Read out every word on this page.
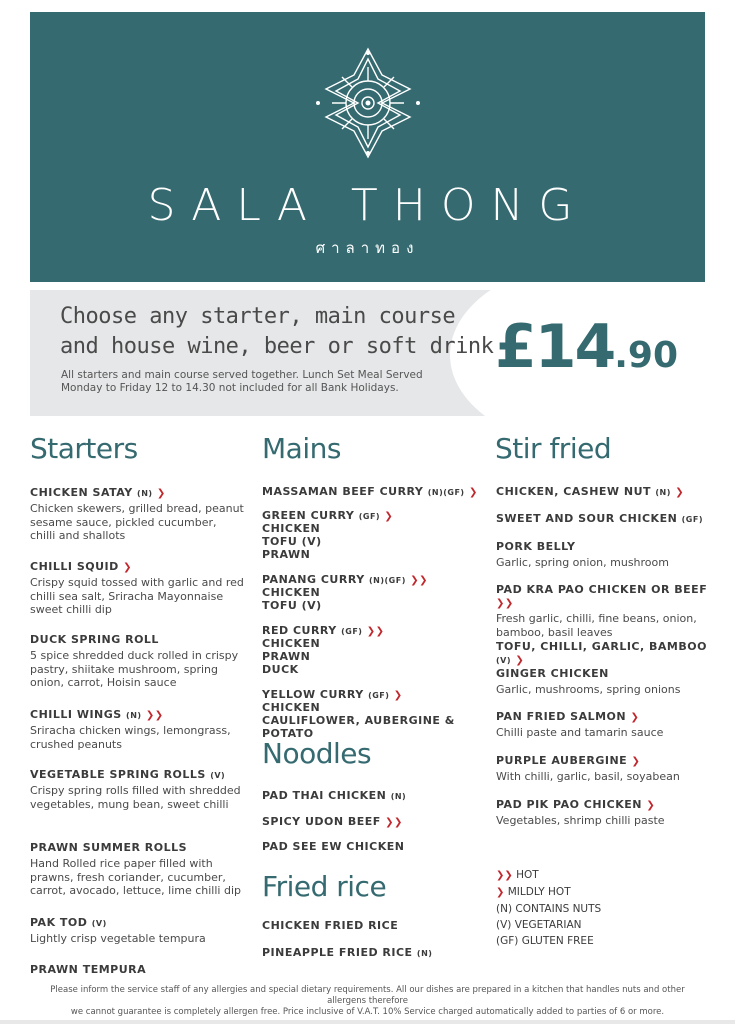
SALA THONG
ศาลาทอง
Choose any starter, main course
and house wine, beer or soft drink
All starters and main course served together. Lunch Set Meal Served
Monday to Friday 12 to 14.30 not included for all Bank Holidays.
£14.90
Starters
CHICKEN SATAY (N) ❯
Chicken skewers, grilled bread, peanut sesame sauce, pickled cucumber, chilli and shallots
CHILLI SQUID ❯
Crispy squid tossed with garlic and red chilli sea salt, Sriracha Mayonnaise sweet chilli dip
DUCK SPRING ROLL
5 spice shredded duck rolled in crispy pastry, shiitake mushroom, spring onion, carrot, Hoisin sauce
CHILLI WINGS (N) ❯❯
Sriracha chicken wings, lemongrass, crushed peanuts
VEGETABLE SPRING ROLLS (V)
Crispy spring rolls filled with shredded vegetables, mung bean, sweet chilli
PRAWN SUMMER ROLLS
Hand Rolled rice paper filled with prawns, fresh coriander, cucumber, carrot, avocado, lettuce, lime chilli dip
PAK TOD (V)
Lightly crisp vegetable tempura
PRAWN TEMPURA
Mains
MASSAMAN BEEF CURRY (N)(GF) ❯
GREEN CURRY (GF) ❯
CHICKEN
TOFU (V)
PRAWN
PANANG CURRY (N)(GF) ❯❯
CHICKEN
TOFU (V)
RED CURRY (GF) ❯❯
CHICKEN
PRAWN
DUCK
YELLOW CURRY (GF) ❯
CHICKEN
CAULIFLOWER, AUBERGINE & POTATO
Noodles
PAD THAI CHICKEN (N)
SPICY UDON BEEF ❯❯
PAD SEE EW CHICKEN
Fried rice
CHICKEN FRIED RICE
PINEAPPLE FRIED RICE (N)
Stir fried
CHICKEN, CASHEW NUT (N) ❯
SWEET AND SOUR CHICKEN (GF)
PORK BELLY
Garlic, spring onion, mushroom
PAD KRA PAO CHICKEN OR BEEF ❯❯
Fresh garlic, chilli, fine beans, onion, bamboo, basil leaves
TOFU, CHILLI, GARLIC, BAMBOO (V) ❯
GINGER CHICKEN
Garlic, mushrooms, spring onions
PAN FRIED SALMON ❯
Chilli paste and tamarin sauce
PURPLE AUBERGINE ❯
With chilli, garlic, basil, soyabean
PAD PIK PAO CHICKEN ❯
Vegetables, shrimp chilli paste
❯❯ HOT
❯ MILDLY HOT
(N) CONTAINS NUTS
(V) VEGETARIAN
(GF) GLUTEN FREE
Please inform the service staff of any allergies and special dietary requirements. All our dishes are prepared in a kitchen that handles nuts and other allergens therefore
we cannot guarantee is completely allergen free. Price inclusive of V.A.T. 10% Service charged automatically added to parties of 6 or more.
